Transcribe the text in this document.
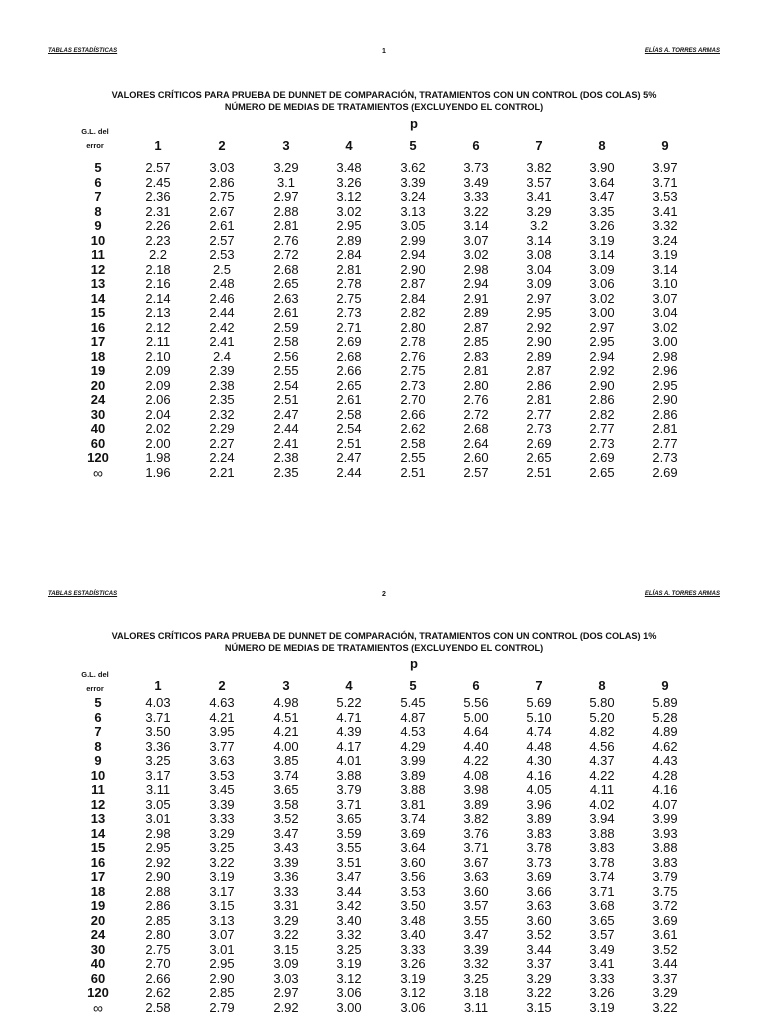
1
TABLAS ESTADÍSTICAS	ELÍAS A. TORRES ARMAS
VALORES CRÍTICOS PARA PRUEBA DE DUNNET DE COMPARACIÓN, TRATAMIENTOS CON UN CONTROL (DOS COLAS) 5%
NÚMERO DE MEDIAS DE TRATAMIENTOS (EXCLUYENDO EL CONTROL)
p
G.L. del
error	1	2	3	4	5	6	7	8	9
5	2.57	3.03	3.29	3.48	3.62	3.73	3.82	3.90	3.97
6	2.45	2.86	3.1	3.26	3.39	3.49	3.57	3.64	3.71
7	2.36	2.75	2.97	3.12	3.24	3.33	3.41	3.47	3.53
8	2.31	2.67	2.88	3.02	3.13	3.22	3.29	3.35	3.41
9	2.26	2.61	2.81	2.95	3.05	3.14	3.2	3.26	3.32
10	2.23	2.57	2.76	2.89	2.99	3.07	3.14	3.19	3.24
11	2.2	2.53	2.72	2.84	2.94	3.02	3.08	3.14	3.19
12	2.18	2.5	2.68	2.81	2.90	2.98	3.04	3.09	3.14
13	2.16	2.48	2.65	2.78	2.87	2.94	3.09	3.06	3.10
14	2.14	2.46	2.63	2.75	2.84	2.91	2.97	3.02	3.07
15	2.13	2.44	2.61	2.73	2.82	2.89	2.95	3.00	3.04
16	2.12	2.42	2.59	2.71	2.80	2.87	2.92	2.97	3.02
17	2.11	2.41	2.58	2.69	2.78	2.85	2.90	2.95	3.00
18	2.10	2.4	2.56	2.68	2.76	2.83	2.89	2.94	2.98
19	2.09	2.39	2.55	2.66	2.75	2.81	2.87	2.92	2.96
20	2.09	2.38	2.54	2.65	2.73	2.80	2.86	2.90	2.95
24	2.06	2.35	2.51	2.61	2.70	2.76	2.81	2.86	2.90
30	2.04	2.32	2.47	2.58	2.66	2.72	2.77	2.82	2.86
40	2.02	2.29	2.44	2.54	2.62	2.68	2.73	2.77	2.81
60	2.00	2.27	2.41	2.51	2.58	2.64	2.69	2.73	2.77
120	1.98	2.24	2.38	2.47	2.55	2.60	2.65	2.69	2.73
∞	1.96	2.21	2.35	2.44	2.51	2.57	2.51	2.65	2.69
2
TABLAS ESTADÍSTICAS	ELÍAS A. TORRES ARMAS
VALORES CRÍTICOS PARA PRUEBA DE DUNNET DE COMPARACIÓN, TRATAMIENTOS CON UN CONTROL (DOS COLAS) 1%
NÚMERO DE MEDIAS DE TRATAMIENTOS (EXCLUYENDO EL CONTROL)
p
G.L. del
error	1	2	3	4	5	6	7	8	9
5	4.03	4.63	4.98	5.22	5.45	5.56	5.69	5.80	5.89
6	3.71	4.21	4.51	4.71	4.87	5.00	5.10	5.20	5.28
7	3.50	3.95	4.21	4.39	4.53	4.64	4.74	4.82	4.89
8	3.36	3.77	4.00	4.17	4.29	4.40	4.48	4.56	4.62
9	3.25	3.63	3.85	4.01	3.99	4.22	4.30	4.37	4.43
10	3.17	3.53	3.74	3.88	3.89	4.08	4.16	4.22	4.28
11	3.11	3.45	3.65	3.79	3.88	3.98	4.05	4.11	4.16
12	3.05	3.39	3.58	3.71	3.81	3.89	3.96	4.02	4.07
13	3.01	3.33	3.52	3.65	3.74	3.82	3.89	3.94	3.99
14	2.98	3.29	3.47	3.59	3.69	3.76	3.83	3.88	3.93
15	2.95	3.25	3.43	3.55	3.64	3.71	3.78	3.83	3.88
16	2.92	3.22	3.39	3.51	3.60	3.67	3.73	3.78	3.83
17	2.90	3.19	3.36	3.47	3.56	3.63	3.69	3.74	3.79
18	2.88	3.17	3.33	3.44	3.53	3.60	3.66	3.71	3.75
19	2.86	3.15	3.31	3.42	3.50	3.57	3.63	3.68	3.72
20	2.85	3.13	3.29	3.40	3.48	3.55	3.60	3.65	3.69
24	2.80	3.07	3.22	3.32	3.40	3.47	3.52	3.57	3.61
30	2.75	3.01	3.15	3.25	3.33	3.39	3.44	3.49	3.52
40	2.70	2.95	3.09	3.19	3.26	3.32	3.37	3.41	3.44
60	2.66	2.90	3.03	3.12	3.19	3.25	3.29	3.33	3.37
120	2.62	2.85	2.97	3.06	3.12	3.18	3.22	3.26	3.29
∞	2.58	2.79	2.92	3.00	3.06	3.11	3.15	3.19	3.22
